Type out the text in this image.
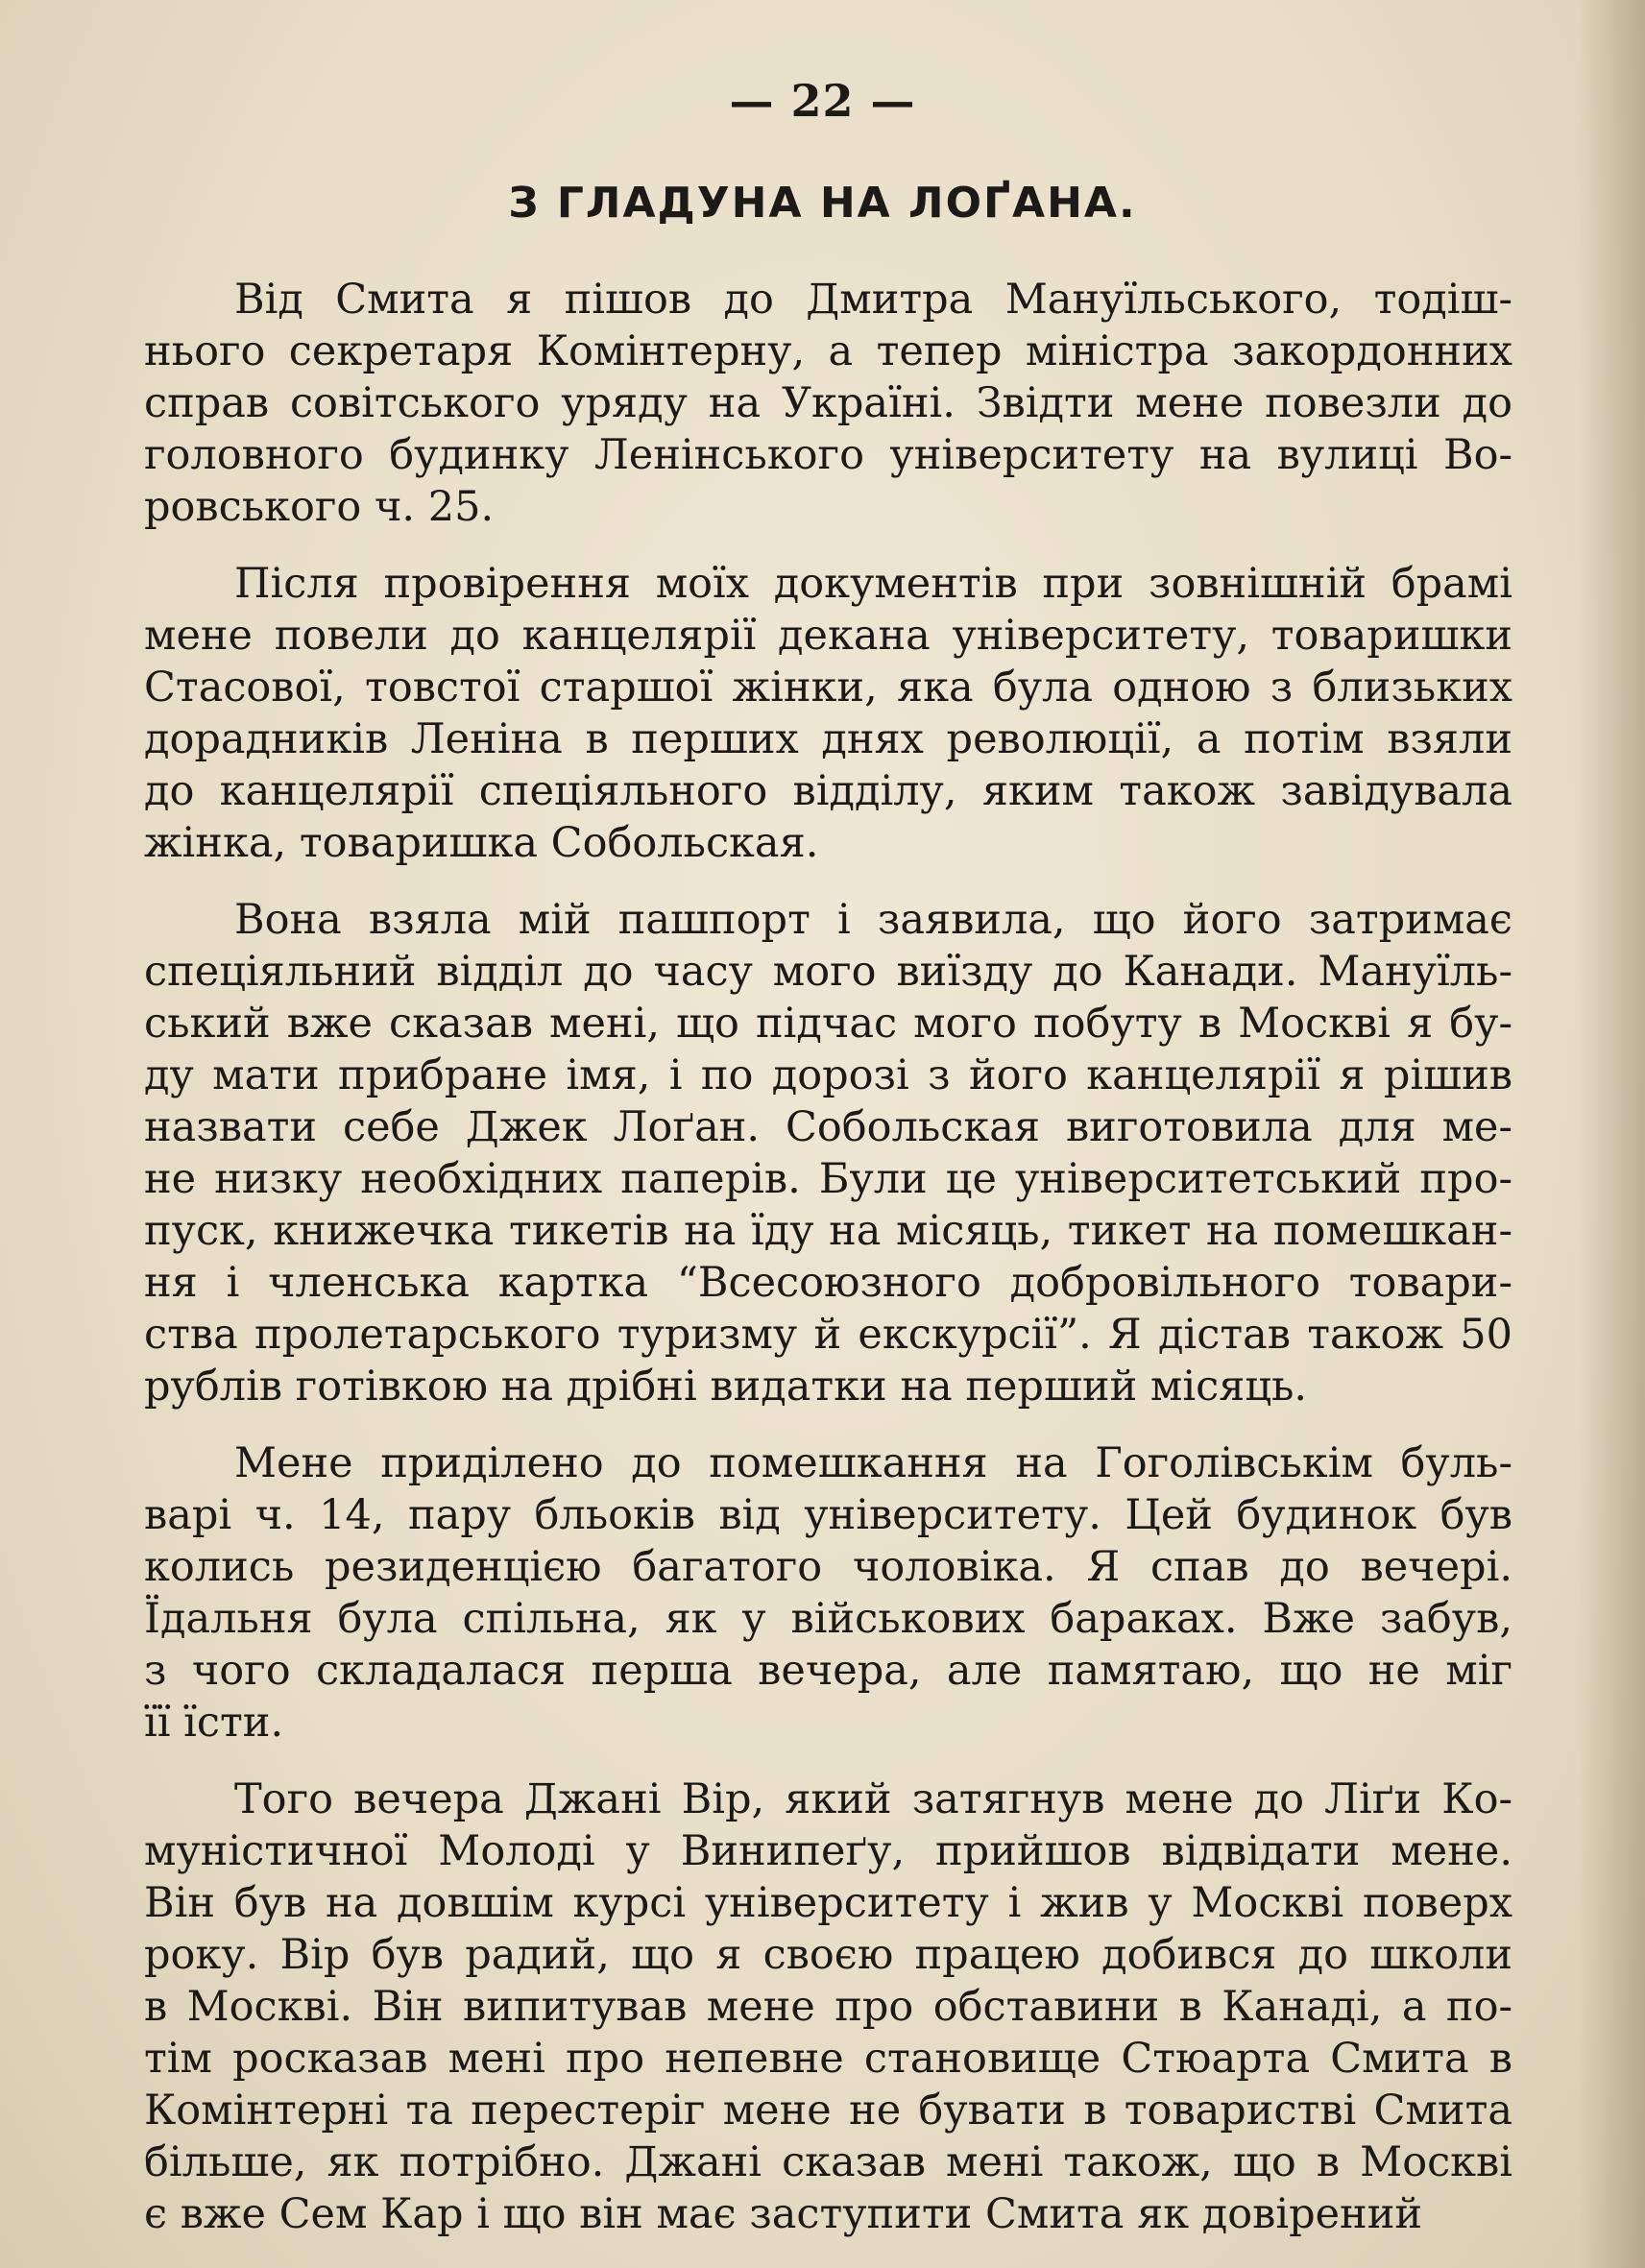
— 22 —
З ГЛАДУНА НА ЛОҐАНА.
Від Смита я пішов до Дмитра Мануїльського, тодіш-
нього секретаря Комінтерну, а тепер міністра закордонних
справ совітського уряду на Україні. Звідти мене повезли до
головного будинку Ленінського університету на вулиці Во-
ровського ч. 25.
Після провірення моїх документів при зовнішній брамі
мене повели до канцелярії декана університету, товаришки
Стасової, товстої старшої жінки, яка була одною з близьких
дорадників Леніна в перших днях революції, а потім взяли
до канцелярії спеціяльного відділу, яким також завідувала
жінка, товаришка Собольская.
Вона взяла мій пашпорт і заявила, що його затримає
спеціяльний відділ до часу мого виїзду до Канади. Мануїль-
ський вже сказав мені, що підчас мого побуту в Москві я бу-
ду мати прибране імя, і по дорозі з його канцелярії я рішив
назвати себе Джек Лоґан. Собольская виготовила для ме-
не низку необхідних паперів. Були це університетський про-
пуск, книжечка тикетів на їду на місяць, тикет на помешкан-
ня і членська картка “Всесоюзного добровільного товари-
ства пролетарського туризму й екскурсії”. Я дістав також 50
рублів готівкою на дрібні видатки на перший місяць.
Мене приділено до помешкання на Гоголівськім буль-
варі ч. 14, пару бльоків від університету. Цей будинок був
колись резиденцією багатого чоловіка. Я спав до вечері.
Їдальня була спільна, як у військових бараках. Вже забув,
з чого складалася перша вечера, але памятаю, що не міг
її їсти.
Того вечера Джані Вір, який затягнув мене до Ліґи Ко-
муністичної Молоді у Винипеґу, прийшов відвідати мене.
Він був на довшім курсі університету і жив у Москві поверх
року. Вір був радий, що я своєю працею добився до школи
в Москві. Він випитував мене про обставини в Канаді, а по-
тім росказав мені про непевне становище Стюарта Смита в
Комінтерні та перестеріг мене не бувати в товаристві Смита
більше, як потрібно. Джані сказав мені також, що в Москві
є вже Сем Кар і що він має заступити Смита як довірений
